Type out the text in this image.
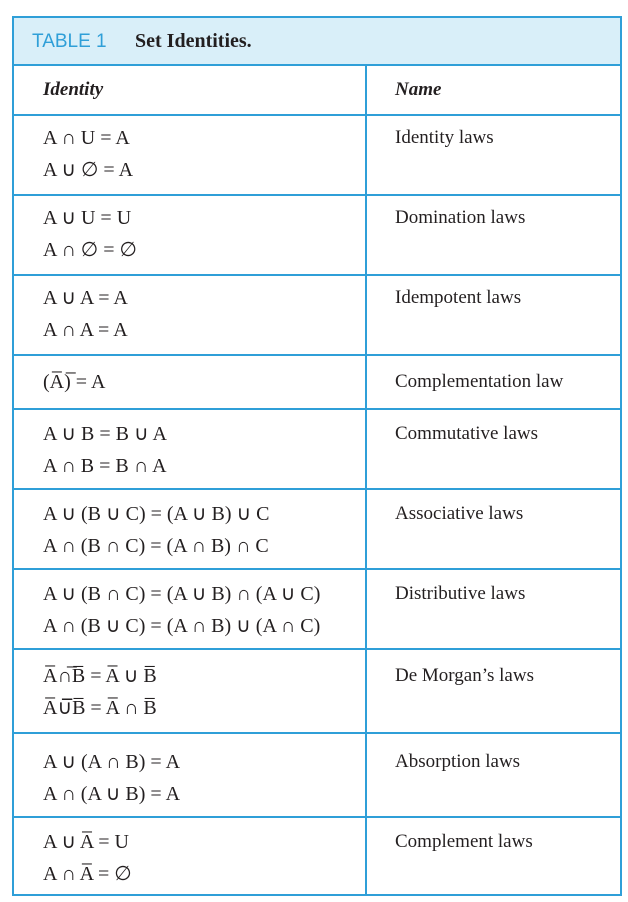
TABLE 1 Set Identities.
Identity	Name
A ∩ U = A
A ∪ ∅ = A
Identity laws
A ∪ U = U
A ∩ ∅ = ∅
Domination laws
A ∪ A = A
A ∩ A = A
Idempotent laws
(A̅)̅ = A	Complementation law
A ∪ B = B ∪ A
A ∩ B = B ∩ A
Commutative laws
A ∪ (B ∪ C) = (A ∪ B) ∪ C
A ∩ (B ∩ C) = (A ∩ B) ∩ C
Associative laws
A ∪ (B ∩ C) = (A ∪ B) ∩ (A ∪ C)
A ∩ (B ∪ C) = (A ∩ B) ∪ (A ∩ C)
Distributive laws
A̅∩̅B̅ = A̅ ∪ B̅
A̅∪̅B̅ = A̅ ∩ B̅
De Morgan’s laws
A ∪ (A ∩ B) = A
A ∩ (A ∪ B) = A
Absorption laws
A ∪ A̅ = U
A ∩ A̅ = ∅
Complement laws
